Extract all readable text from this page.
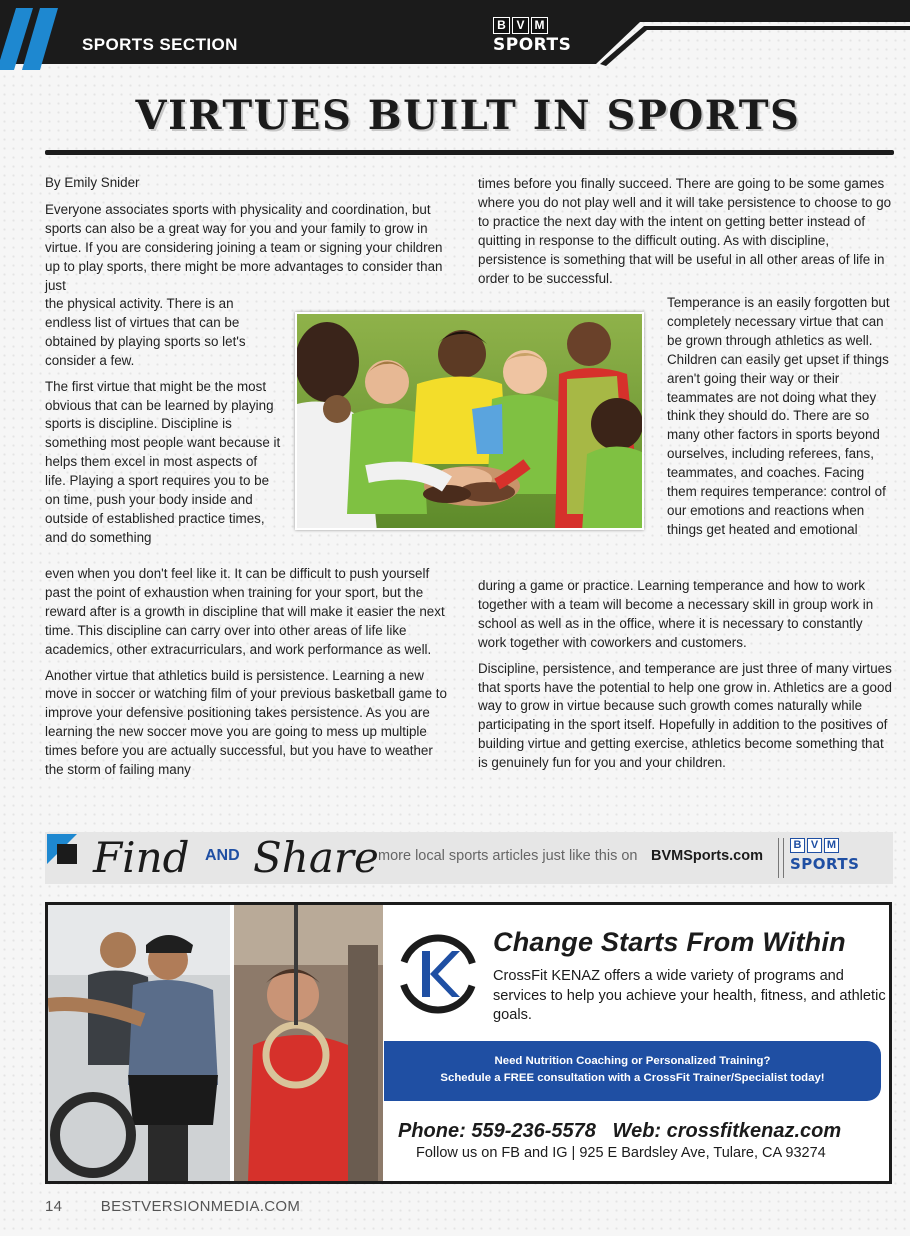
SPORTS SECTION
B V M
SPORTS
VIRTUES BUILT IN SPORTS
By Emily Snider

Everyone associates sports with physicality and coordination, but sports can also be a great way for you and your family to grow in virtue. If you are considering joining a team or signing your children up to play sports, there might be more advantages to consider than just

the physical activity. There is an endless list of virtues that can be obtained by playing sports so let's consider a few.

The first virtue that might be the most obvious that can be learned by playing sports is discipline. Discipline is something most people want because it helps them excel in most aspects of life. Playing a sport requires you to be on time, push your body inside and outside of established practice times, and do something

even when you don't feel like it. It can be difficult to push yourself past the point of exhaustion when training for your sport, but the reward after is a growth in discipline that will make it easier the next time. This discipline can carry over into other areas of life like academics, other extracurriculars, and work performance as well.

Another virtue that athletics build is persistence. Learning a new move in soccer or watching film of your previous basketball game to improve your defensive positioning takes persistence. As you are learning the new soccer move you are going to mess up multiple times before you are actually successful, but you have to weather the storm of failing many

times before you finally succeed. There are going to be some games where you do not play well and it will take persistence to choose to go to practice the next day with the intent on getting better instead of quitting in response to the difficult outing. As with discipline, persistence is something that will be useful in all other areas of life in order to be successful.

Temperance is an easily forgotten but completely necessary virtue that can be grown through athletics as well. Children can easily get upset if things aren't going their way or their teammates are not doing what they think they should do. There are so many other factors in sports beyond ourselves, including referees, fans, teammates, and coaches. Facing them requires temperance: control of our emotions and reactions when things get heated and emotional

during a game or practice. Learning temperance and how to work together with a team will become a necessary skill in group work in school as well as in the office, where it is necessary to constantly work together with coworkers and customers.

Discipline, persistence, and temperance are just three of many virtues that sports have the potential to help one grow in. Athletics are a good way to grow in virtue because such growth comes naturally while participating in the sport itself. Hopefully in addition to the positives of building virtue and getting exercise, athletics become something that is genuinely fun for you and your children.

Find AND Share more local sports articles just like this on BVMSports.com
B V M
SPORTS
Change Starts From Within
CrossFit KENAZ offers a wide variety of programs and services to help you achieve your health, fitness, and athletic goals.
Need Nutrition Coaching or Personalized Training?
Schedule a FREE consultation with a CrossFit Trainer/Specialist today!
Phone: 559-236-5578   Web: crossfitkenaz.com
Follow us on FB and IG | 925 E Bardsley Ave, Tulare, CA 93274
14	BESTVERSIONMEDIA.COM
